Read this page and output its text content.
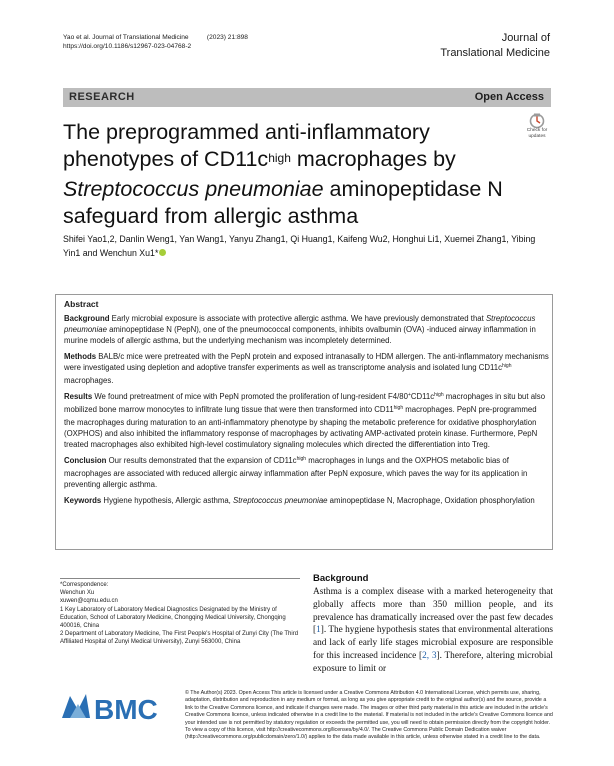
Yao et al. Journal of Translational Medicine          (2023) 21:898
https://doi.org/10.1186/s12967-023-04768-2
Journal of
Translational Medicine
RESEARCH	Open Access
The preprogrammed anti-inflammatory phenotypes of $CD11c^{high}$ macrophages by Streptococcus pneumoniae aminopeptidase N safeguard from allergic asthma
Check for
updates
Shifei Yao1,2, Danlin Weng1, Yan Wang1, Yanyu Zhang1, Qi Huang1, Kaifeng Wu2, Honghui Li1, Xuemei Zhang1, Yibing Yin1 and Wenchun Xu1*

Abstract

Background Early microbial exposure is associate with protective allergic asthma. We have previously demonstrated that Streptococcus pneumoniae aminopeptidase N (PepN), one of the pneumococcal components, inhibits ovalbumin (OVA) -induced airway inflammation in murine models of allergic asthma, but the underlying mechanism was incompletely determined.

Methods BALB/c mice were pretreated with the PepN protein and exposed intranasally to HDM allergen. The anti-inflammatory mechanisms were investigated using depletion and adoptive transfer experiments as well as transcriptome analysis and isolated lung $CD11c^{high}$ macrophages.

Results We found pretreatment of mice with PepN promoted the proliferation of lung-resident $F4/80^+CD11c^{high}$ macrophages in situ but also mobilized bone marrow monocytes to infiltrate lung tissue that were then transformed into $CD11^{high}$ macrophages. PepN pre-programmed the macrophages during maturation to an anti-inflammatory phenotype by shaping the metabolic preference for oxidative phosphorylation (OXPHOS) and also inhibited the inflammatory response of macrophages by activating AMP-activated protein kinase. Furthermore, PepN treated macrophages also exhibited high-level costimulatory signaling molecules which directed the differentiation into Treg.

Conclusion Our results demonstrated that the expansion of $CD11c^{high}$ macrophages in lungs and the OXPHOS metabolic bias of macrophages are associated with reduced allergic airway inflammation after PepN exposure, which paves the way for its application in preventing allergic asthma.

Keywords Hygiene hypothesis, Allergic asthma, Streptococcus pneumoniae aminopeptidase N, Macrophage, Oxidation phosphorylation

*Correspondence:
Wenchun Xu
xuwen@cqmu.edu.cn
1 Key Laboratory of Laboratory Medical Diagnostics Designated by the Ministry of Education, School of Laboratory Medicine, Chongqing Medical University, Chongqing 400016, China
2 Department of Laboratory Medicine, The First People's Hospital of Zunyi City (The Third Affiliated Hospital of Zunyi Medical University), Zunyi 563000, China
Background
Asthma is a complex disease with a marked heterogeneity that globally affects more than 350 million people, and its prevalence has dramatically increased over the past few decades [1]. The hygiene hypothesis states that environmental alterations and lack of early life stages microbial exposure are responsible for this increased incidence [2, 3]. Therefore, altering microbial exposure to limit or
BMC
© The Author(s) 2023. Open Access This article is licensed under a Creative Commons Attribution 4.0 International License, which permits use, sharing, adaptation, distribution and reproduction in any medium or format, as long as you give appropriate credit to the original author(s) and the source, provide a link to the Creative Commons licence, and indicate if changes were made. The images or other third party material in this article are included in the article's Creative Commons licence, unless indicated otherwise in a credit line to the material. If material is not included in the article's Creative Commons licence and your intended use is not permitted by statutory regulation or exceeds the permitted use, you will need to obtain permission directly from the copyright holder. To view a copy of this licence, visit http://creativecommons.org/licenses/by/4.0/. The Creative Commons Public Domain Dedication waiver (http://creativecommons.org/publicdomain/zero/1.0/) applies to the data made available in this article, unless otherwise stated in a credit line to the data.
